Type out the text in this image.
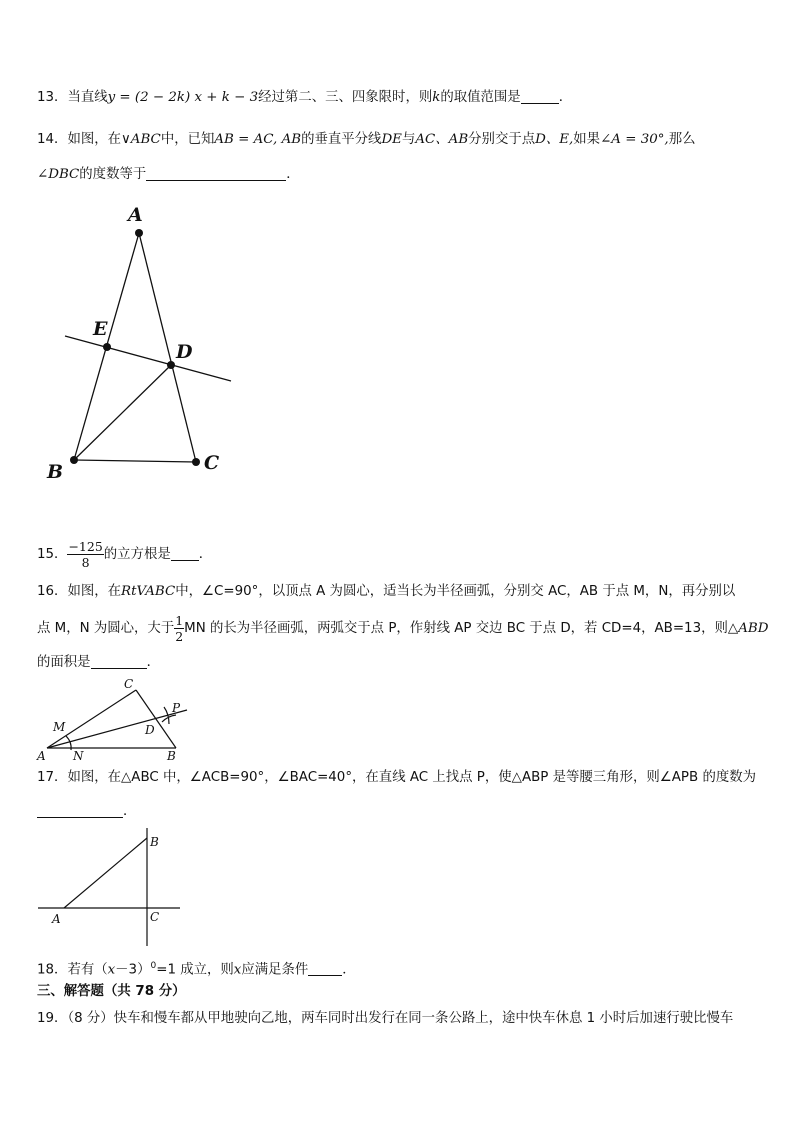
13．当直线y = (2 − 2k) x + k − 3经过第二、三、四象限时，则k的取值范围是	．
14．如图，在∨ABC中，已知AB = AC, AB的垂直平分线DE与AC、AB分别交于点D、E,如果∠A = 30°,那么
∠DBC的度数等于	．
A
E
D
B	C
15． $\frac{-125}{8}$ 的立方根是 ．
16．如图，在RtVABC中，∠C=90°，以顶点 A 为圆心，适当长为半径画弧，分别交 AC，AB 于点 M，N，再分别以
点 M，N 为圆心，大于 $\frac{1}{2}$ MN 的长为半径画弧，两弧交于点 P，作射线 AP 交边 BC 于点 D，若 CD=4，AB=13，则△ABD
的面积是	．
C
P
M	D
A N	B
17．如图，在△ABC 中，∠ACB=90°，∠BAC=40°，在直线 AC 上找点 P，使△ABP 是等腰三角形，则∠APB 的度数为
．
B
A	C
18．若有$(x-3)^0=1$ 成立，则x应满足条件	．
三、解答题（共 78 分）
19．（8 分）快车和慢车都从甲地驶向乙地，两车同时出发行在同一条公路上，途中快车休息 1 小时后加速行驶比慢车
